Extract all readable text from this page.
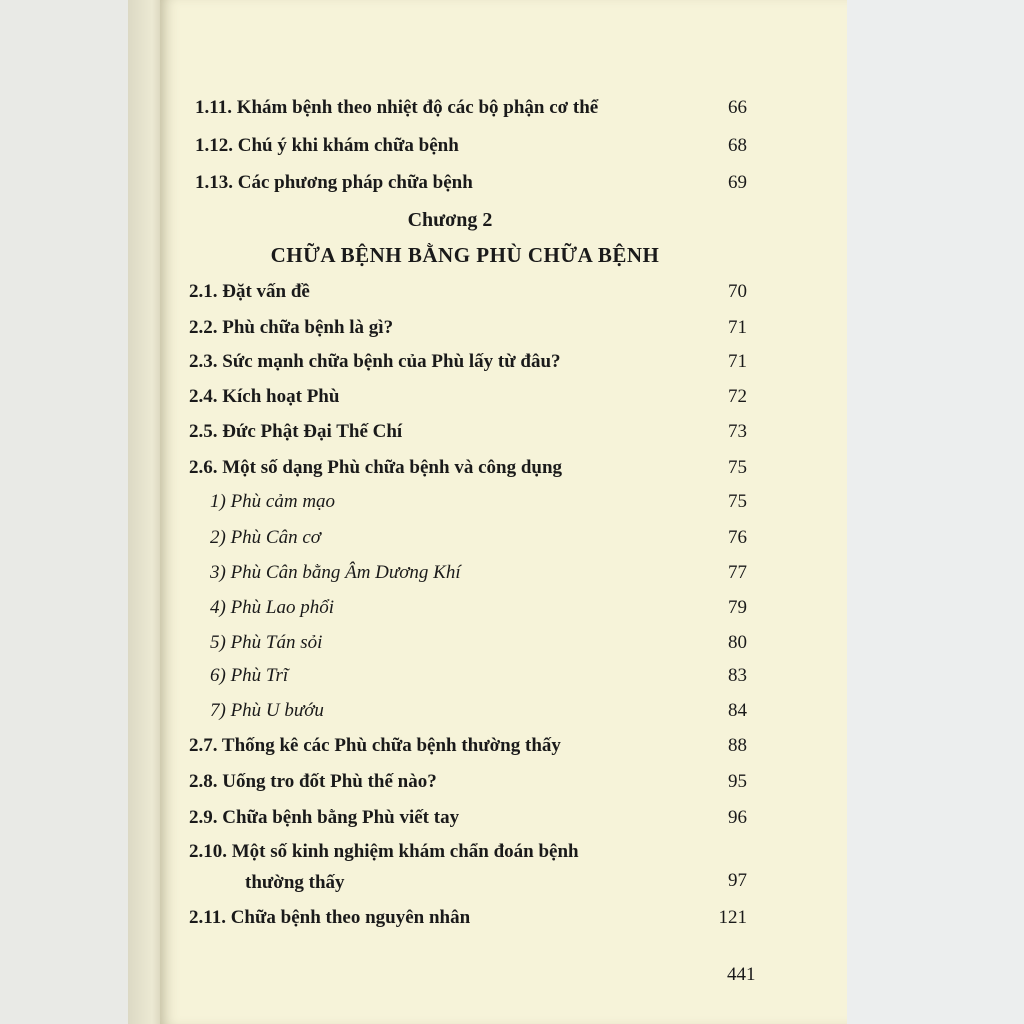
1.11. Khám bệnh theo nhiệt độ các bộ phận cơ thể	66
1.12. Chú ý khi khám chữa bệnh	68
1.13. Các phương pháp chữa bệnh	69
Chương 2
CHỮA BỆNH BẰNG PHÙ CHỮA BỆNH
2.1. Đặt vấn đề	70
2.2. Phù chữa bệnh là gì?	71
2.3. Sức mạnh chữa bệnh của Phù lấy từ đâu?	71
2.4. Kích hoạt Phù	72
2.5. Đức Phật Đại Thế Chí	73
2.6. Một số dạng Phù chữa bệnh và công dụng	75
1) Phù cảm mạo	75
2) Phù Cân cơ	76
3) Phù Cân bằng Âm Dương Khí	77
4) Phù Lao phổi	79
5) Phù Tán sỏi	80
6) Phù Trĩ	83
7) Phù U bướu	84
2.7. Thống kê các Phù chữa bệnh thường thấy	88
2.8. Uống tro đốt Phù thế nào?	95
2.9. Chữa bệnh bằng Phù viết tay	96
2.10. Một số kinh nghiệm khám chẩn đoán bệnh
thường thấy	97
2.11. Chữa bệnh theo nguyên nhân	121
441
